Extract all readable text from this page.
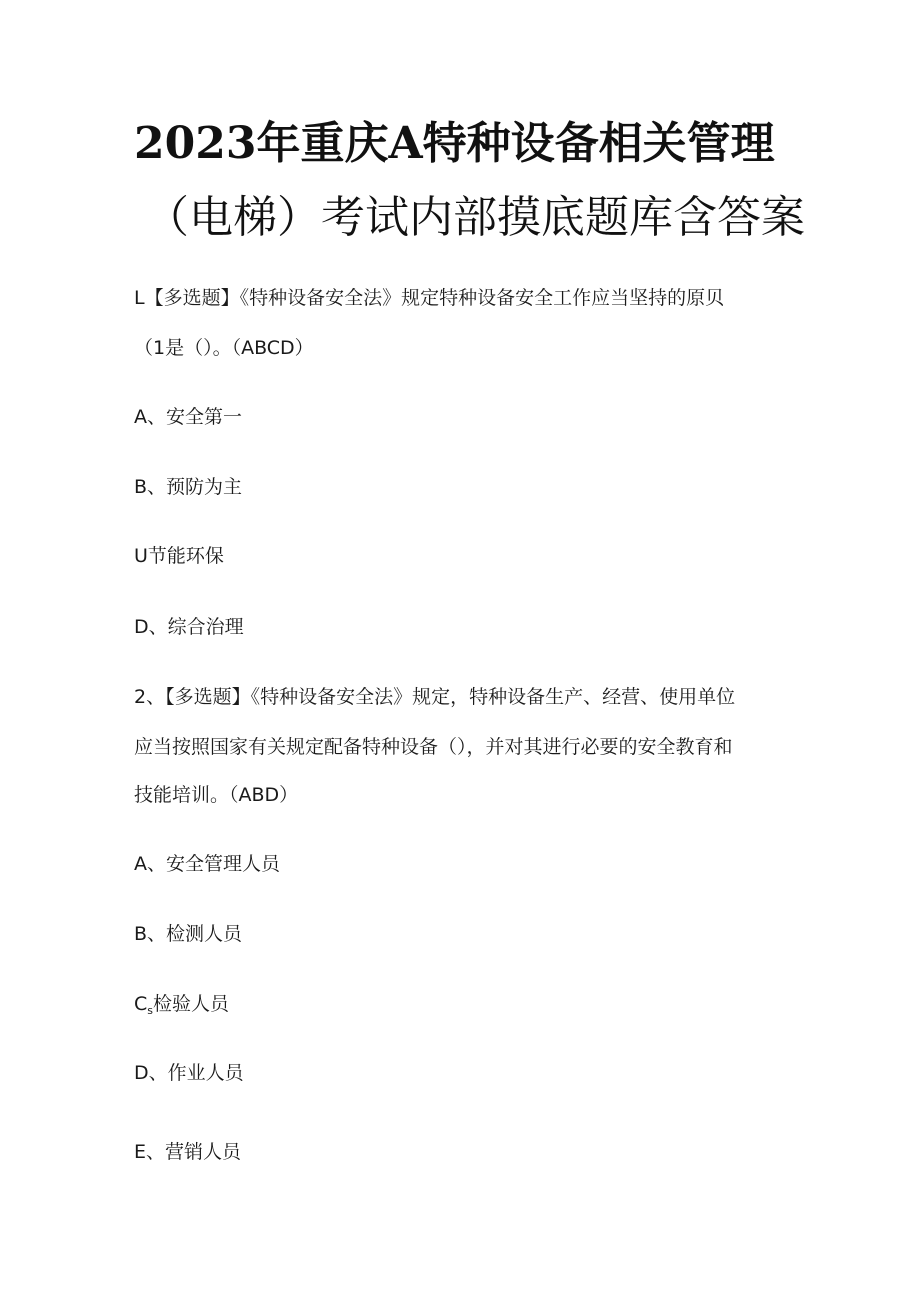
2023年重庆A特种设备相关管理
（电梯）考试内部摸底题库含答案
L【多选题】《特种设备安全法》规定特种设备安全工作应当坚持的原贝
（1是（）。（ABCD）
A、安全第一
B、预防为主
U节能环保
D、综合治理
2、【多选题】《特种设备安全法》规定，特种设备生产、经营、使用单位
应当按照国家有关规定配备特种设备（），并对其进行必要的安全教育和
技能培训。（ABD）
A、安全管理人员
B、检测人员
$C_s$检验人员
D、作业人员
E、营销人员
